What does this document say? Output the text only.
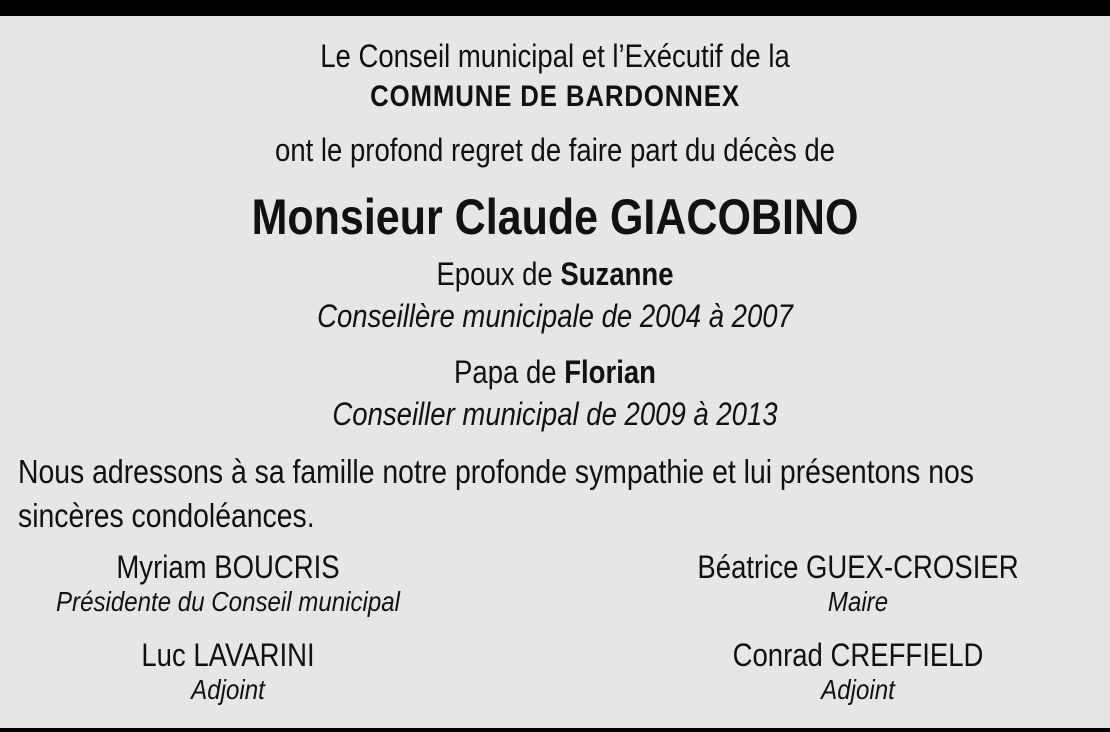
Le Conseil municipal et l’Exécutif de la
COMMUNE DE BARDONNEX
ont le profond regret de faire part du décès de
Monsieur Claude GIACOBINO
Epoux de Suzanne
Conseillère municipale de 2004 à 2007
Papa de Florian
Conseiller municipal de 2009 à 2013
Nous adressons à sa famille notre profonde sympathie et lui présentons nos sincères condoléances.
Myriam BOUCRIS
Présidente du Conseil municipal
Béatrice GUEX-CROSIER
Maire
Luc LAVARINI
Adjoint
Conrad CREFFIELD
Adjoint
